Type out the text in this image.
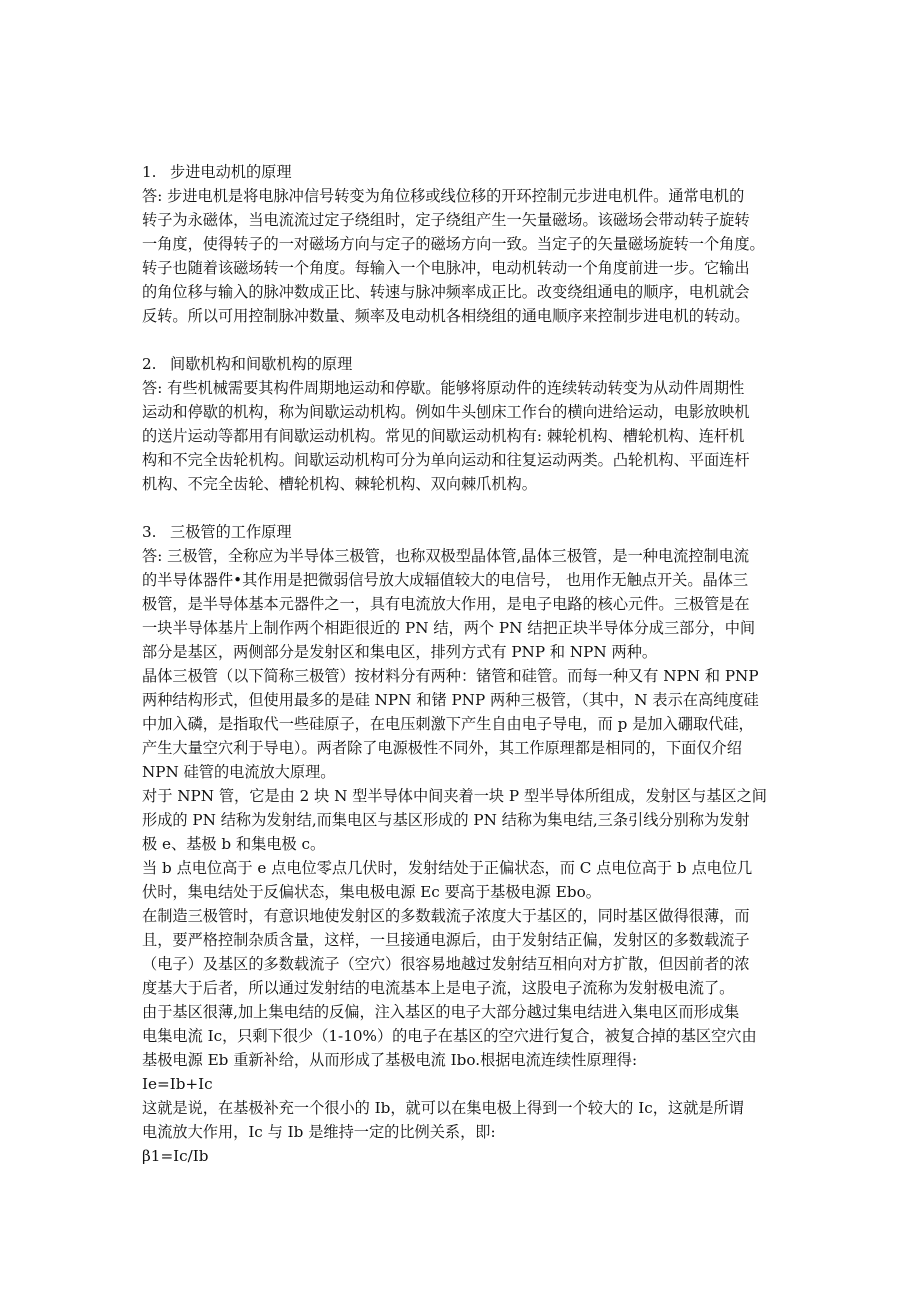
1. 步进电动机的原理
答: 步进电机是将电脉冲信号转变为角位移或线位移的开环控制元步进电机件。通常电机的
转子为永磁体，当电流流过定子绕组时，定子绕组产生一矢量磁场。该磁场会带动转子旋转
一角度，使得转子的一对磁场方向与定子的磁场方向一致。当定子的矢量磁场旋转一个角度。
转子也随着该磁场转一个角度。每输入一个电脉冲，电动机转动一个角度前进一步。它输出
的角位移与输入的脉冲数成正比、转速与脉冲频率成正比。改变绕组通电的顺序，电机就会
反转。所以可用控制脉冲数量、频率及电动机各相绕组的通电顺序来控制步进电机的转动。
2. 间歇机构和间歇机构的原理
答: 有些机械需要其构件周期地运动和停歇。能够将原动件的连续转动转变为从动件周期性
运动和停歇的机构，称为间歇运动机构。例如牛头刨床工作台的横向进给运动，电影放映机
的送片运动等都用有间歇运动机构。常见的间歇运动机构有: 棘轮机构、槽轮机构、连杆机
构和不完全齿轮机构。间歇运动机构可分为单向运动和往复运动两类。凸轮机构、平面连杆
机构、不完全齿轮、槽轮机构、棘轮机构、双向棘爪机构。
3. 三极管的工作原理
答: 三极管，全称应为半导体三极管，也称双极型晶体管,晶体三极管，是一种电流控制电流
的半导体器件•其作用是把微弱信号放大成辐值较大的电信号， 也用作无触点开关。晶体三
极管，是半导体基本元器件之一，具有电流放大作用，是电子电路的核心元件。三极管是在
一块半导体基片上制作两个相距很近的 PN 结，两个 PN 结把正块半导体分成三部分，中间
部分是基区，两侧部分是发射区和集电区，排列方式有 PNP 和 NPN 两种。
晶体三极管（以下简称三极管）按材料分有两种：锗管和硅管。而每一种又有 NPN 和 PNP
两种结构形式，但使用最多的是硅 NPN 和锗 PNP 两种三极管，（其中，N 表示在高纯度硅
中加入磷，是指取代一些硅原子，在电压刺激下产生自由电子导电，而 p 是加入硼取代硅，
产生大量空穴利于导电）。两者除了电源极性不同外，其工作原理都是相同的，下面仅介绍
NPN 硅管的电流放大原理。
对于 NPN 管，它是由 2 块 N 型半导体中间夹着一块 P 型半导体所组成，发射区与基区之间
形成的 PN 结称为发射结,而集电区与基区形成的 PN 结称为集电结,三条引线分别称为发射
极 e、基极 b 和集电极 c。
当 b 点电位高于 e 点电位零点几伏时，发射结处于正偏状态，而 C 点电位高于 b 点电位几
伏时，集电结处于反偏状态，集电极电源 Ec 要高于基极电源 Ebo。
在制造三极管时，有意识地使发射区的多数载流子浓度大于基区的，同时基区做得很薄，而
且，要严格控制杂质含量，这样，一旦接通电源后，由于发射结正偏，发射区的多数载流子
（电子）及基区的多数载流子（空穴）很容易地越过发射结互相向对方扩散，但因前者的浓
度基大于后者，所以通过发射结的电流基本上是电子流，这股电子流称为发射极电流了。
由于基区很薄,加上集电结的反偏，注入基区的电子大部分越过集电结进入集电区而形成集
电集电流 Ic，只剩下很少（1-10%）的电子在基区的空穴进行复合，被复合掉的基区空穴由
基极电源 Eb 重新补给，从而形成了基极电流 Ibo.根据电流连续性原理得:
Ie=Ib+Ic
这就是说，在基极补充一个很小的 Ib，就可以在集电极上得到一个较大的 Ic，这就是所谓
电流放大作用，Ic 与 Ib 是维持一定的比例关系，即:
β1=Ic/Ib
